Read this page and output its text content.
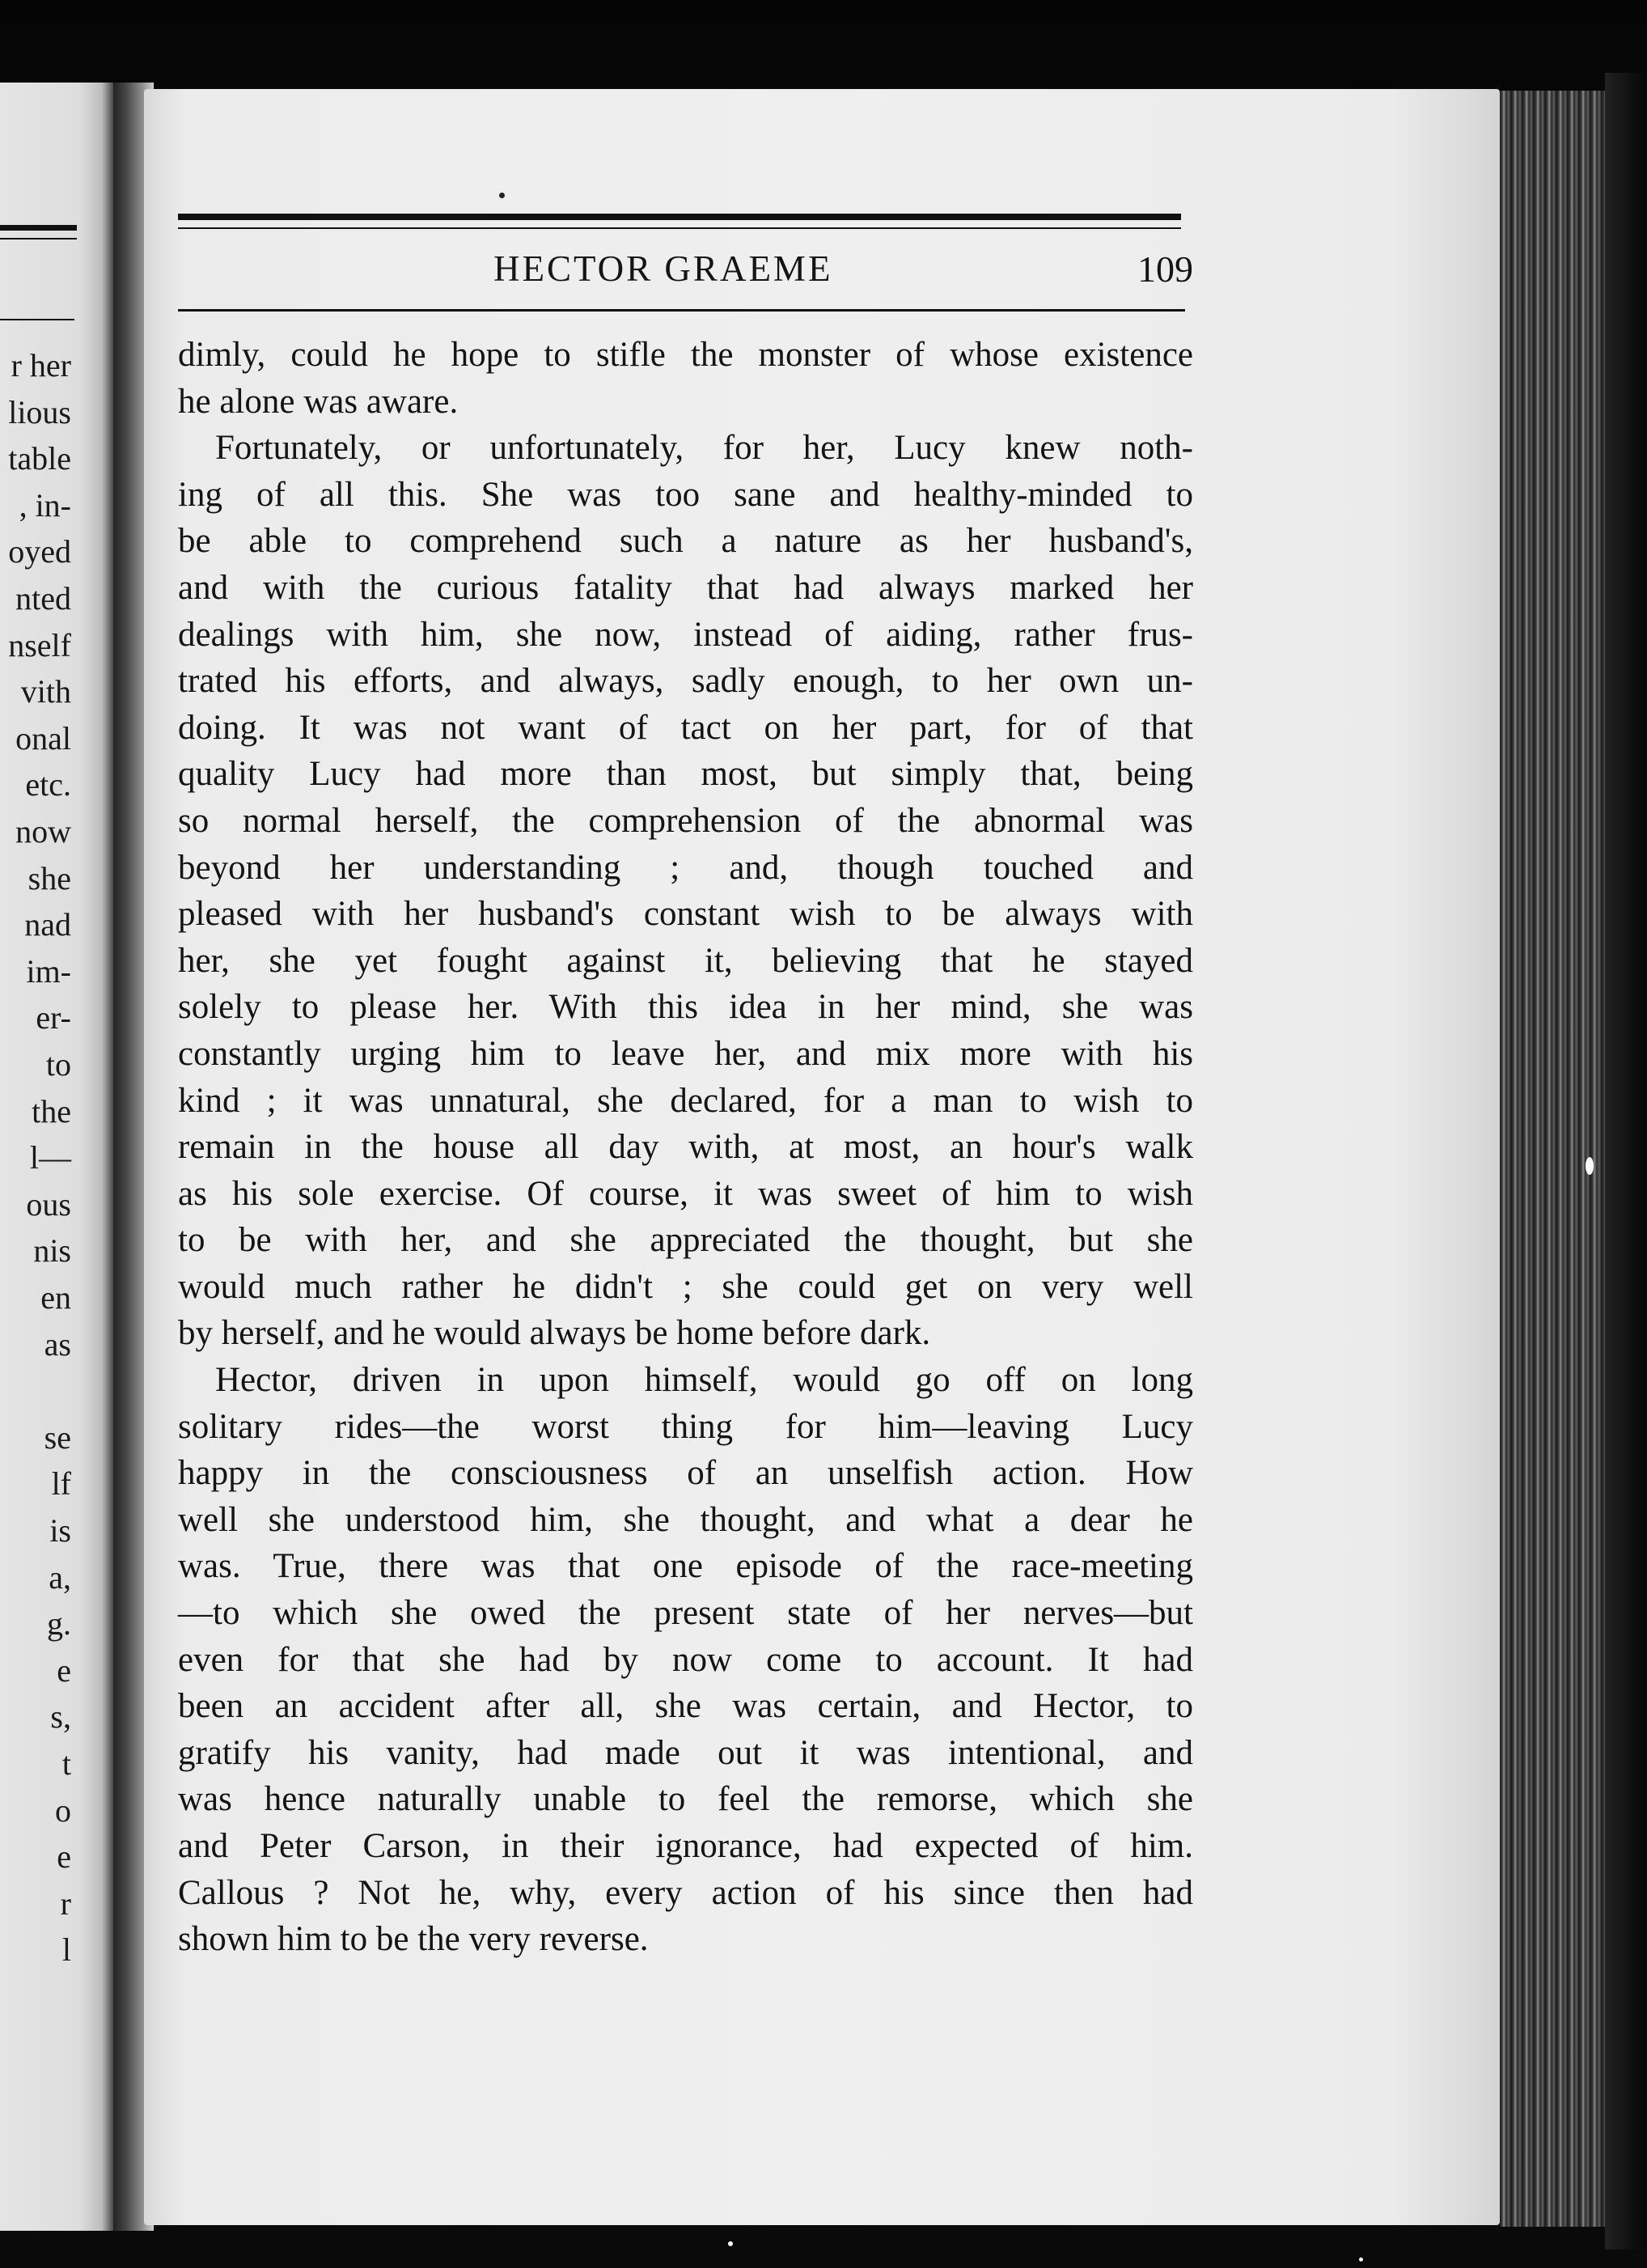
r her
lious
table
, in-
oyed
nted
nself
vith
onal
etc.
now
she
nad
im-
er-
to
the
l—
ous
nis
en
as
se
lf
is
a,
g.
e
s,
t
o
e
r
l
HECTOR GRAEME	109
dimly, could he hope to stifle the monster of whose existence
he alone was aware.
Fortunately, or unfortunately, for her, Lucy knew noth-
ing of all this. She was too sane and healthy-minded to
be able to comprehend such a nature as her husband's,
and with the curious fatality that had always marked her
dealings with him, she now, instead of aiding, rather frus-
trated his efforts, and always, sadly enough, to her own un-
doing. It was not want of tact on her part, for of that
quality Lucy had more than most, but simply that, being
so normal herself, the comprehension of the abnormal was
beyond her understanding ; and, though touched and
pleased with her husband's constant wish to be always with
her, she yet fought against it, believing that he stayed
solely to please her. With this idea in her mind, she was
constantly urging him to leave her, and mix more with his
kind ; it was unnatural, she declared, for a man to wish to
remain in the house all day with, at most, an hour's walk
as his sole exercise. Of course, it was sweet of him to wish
to be with her, and she appreciated the thought, but she
would much rather he didn't ; she could get on very well
by herself, and he would always be home before dark.
Hector, driven in upon himself, would go off on long
solitary rides—the worst thing for him—leaving Lucy
happy in the consciousness of an unselfish action. How
well she understood him, she thought, and what a dear he
was. True, there was that one episode of the race-meeting
—to which she owed the present state of her nerves—but
even for that she had by now come to account. It had
been an accident after all, she was certain, and Hector, to
gratify his vanity, had made out it was intentional, and
was hence naturally unable to feel the remorse, which she
and Peter Carson, in their ignorance, had expected of him.
Callous ? Not he, why, every action of his since then had
shown him to be the very reverse.
